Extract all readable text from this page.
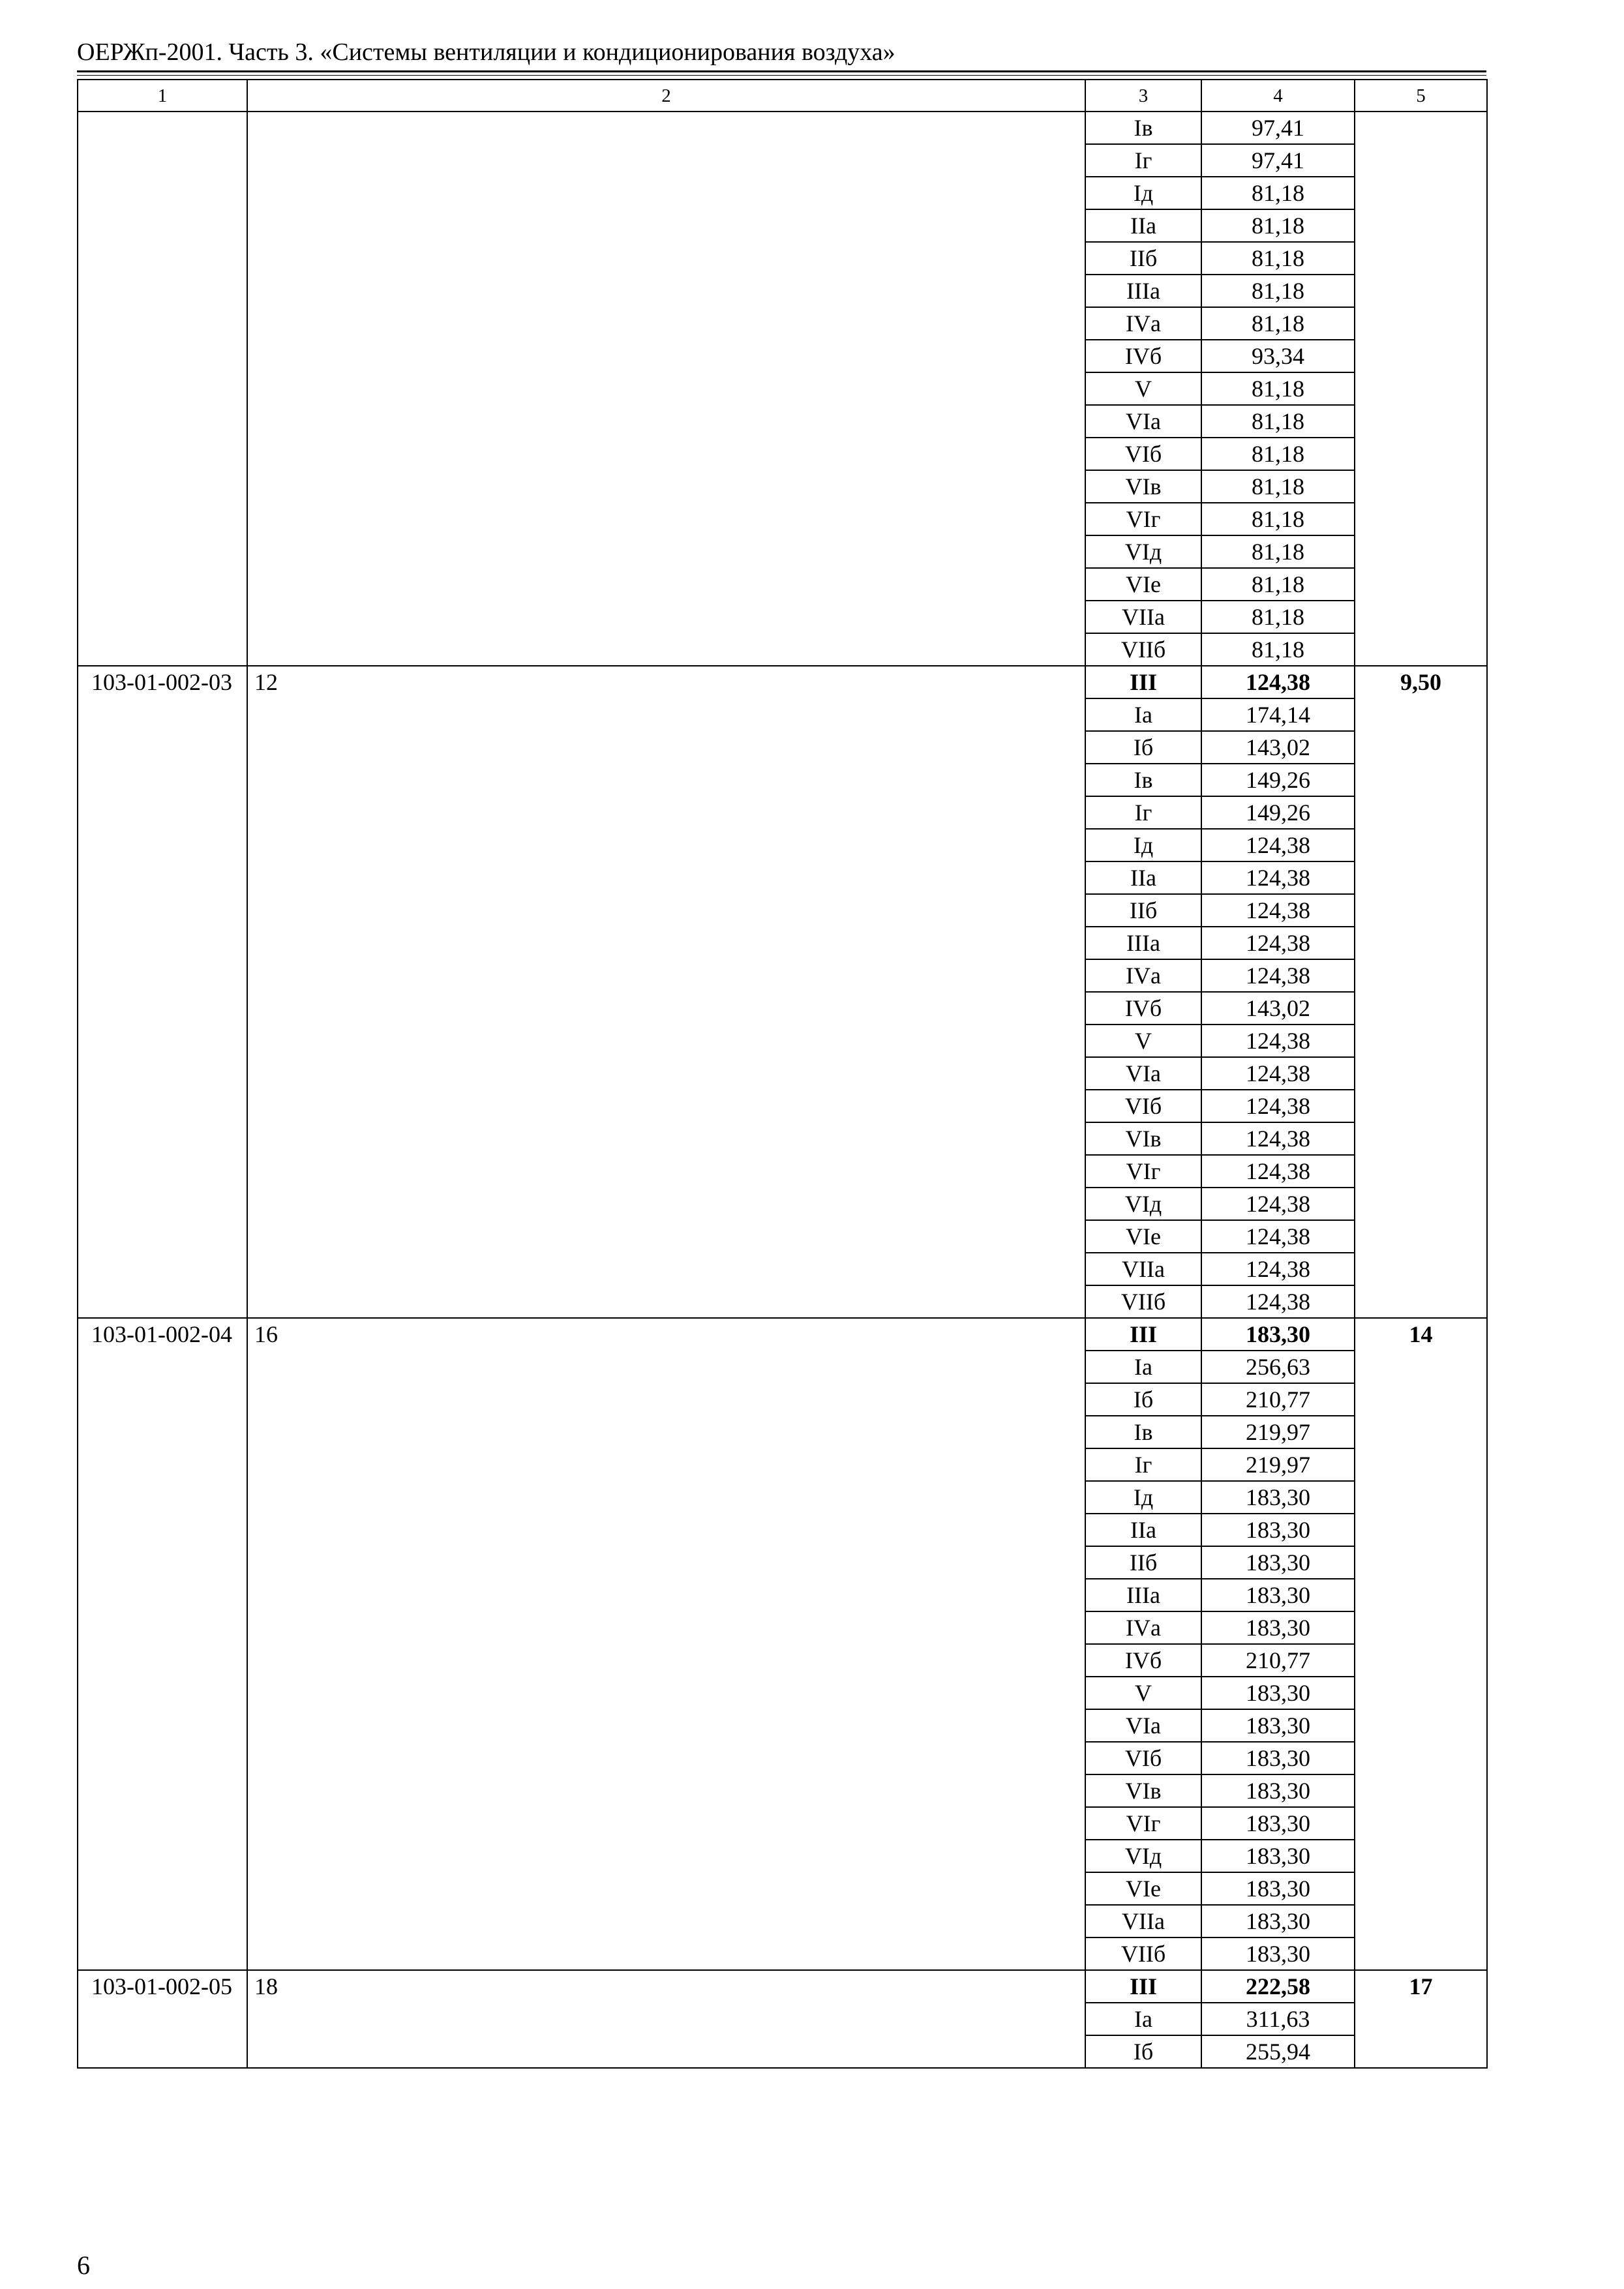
ОЕРЖп-2001. Часть 3. «Системы вентиляции и кондиционирования воздуха»
1	2	3	4	5
		Iв	97,41	
		Iг	97,41	
		Iд	81,18	
		IIа	81,18	
		IIб	81,18	
		IIIа	81,18	
		IVа	81,18	
		IVб	93,34	
		V	81,18	
		VIа	81,18	
		VIб	81,18	
		VIв	81,18	
		VIг	81,18	
		VIд	81,18	
		VIе	81,18	
		VIIа	81,18	
		VIIб	81,18	
103-01-002-03	12	III	124,38	9,50
		Iа	174,14	
		Iб	143,02	
		Iв	149,26	
		Iг	149,26	
		Iд	124,38	
		IIа	124,38	
		IIб	124,38	
		IIIа	124,38	
		IVа	124,38	
		IVб	143,02	
		V	124,38	
		VIа	124,38	
		VIб	124,38	
		VIв	124,38	
		VIг	124,38	
		VIд	124,38	
		VIе	124,38	
		VIIа	124,38	
		VIIб	124,38	
103-01-002-04	16	III	183,30	14
		Iа	256,63	
		Iб	210,77	
		Iв	219,97	
		Iг	219,97	
		Iд	183,30	
		IIа	183,30	
		IIб	183,30	
		IIIа	183,30	
		IVа	183,30	
		IVб	210,77	
		V	183,30	
		VIа	183,30	
		VIб	183,30	
		VIв	183,30	
		VIг	183,30	
		VIд	183,30	
		VIе	183,30	
		VIIа	183,30	
		VIIб	183,30	
103-01-002-05	18	III	222,58	17
		Iа	311,63	
		Iб	255,94	
6
